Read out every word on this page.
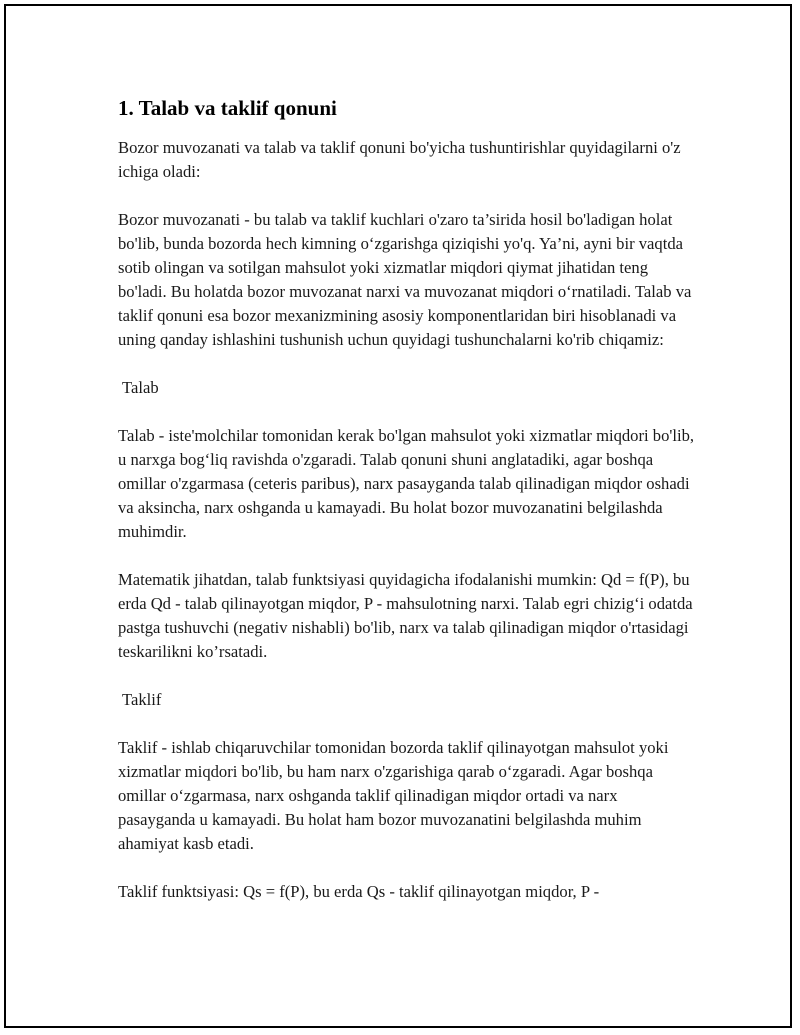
1. Talab va taklif qonuni

Bozor muvozanati va talab va taklif qonuni bo'yicha tushuntirishlar quyidagilarni o'z ichiga oladi:

Bozor muvozanati - bu talab va taklif kuchlari o'zaro ta’sirida hosil bo'ladigan holat bo'lib, bunda bozorda hech kimning o‘zgarishga qiziqishi yo'q. Ya’ni, ayni bir vaqtda sotib olingan va sotilgan mahsulot yoki xizmatlar miqdori qiymat jihatidan teng bo'ladi. Bu holatda bozor muvozanat narxi va muvozanat miqdori o‘rnatiladi. Talab va taklif qonuni esa bozor mexanizmining asosiy komponentlaridan biri hisoblanadi va uning qanday ishlashini tushunish uchun quyidagi tushunchalarni ko'rib chiqamiz:

Talab

Talab - iste'molchilar tomonidan kerak bo'lgan mahsulot yoki xizmatlar miqdori bo'lib, u narxga bog‘liq ravishda o'zgaradi. Talab qonuni shuni anglatadiki, agar boshqa omillar o'zgarmasa (ceteris paribus), narx pasayganda talab qilinadigan miqdor oshadi va aksincha, narx oshganda u kamayadi. Bu holat bozor muvozanatini belgilashda muhimdir.

Matematik jihatdan, talab funktsiyasi quyidagicha ifodalanishi mumkin: Qd = f(P), bu erda Qd - talab qilinayotgan miqdor, P - mahsulotning narxi. Talab egri chizig‘i odatda pastga tushuvchi (negativ nishabli) bo'lib, narx va talab qilinadigan miqdor o'rtasidagi teskarilikni ko’rsatadi.

Taklif

Taklif - ishlab chiqaruvchilar tomonidan bozorda taklif qilinayotgan mahsulot yoki xizmatlar miqdori bo'lib, bu ham narx o'zgarishiga qarab o‘zgaradi. Agar boshqa omillar o‘zgarmasa, narx oshganda taklif qilinadigan miqdor ortadi va narx pasayganda u kamayadi. Bu holat ham bozor muvozanatini belgilashda muhim ahamiyat kasb etadi.

Taklif funktsiyasi: Qs = f(P), bu erda Qs - taklif qilinayotgan miqdor, P -
